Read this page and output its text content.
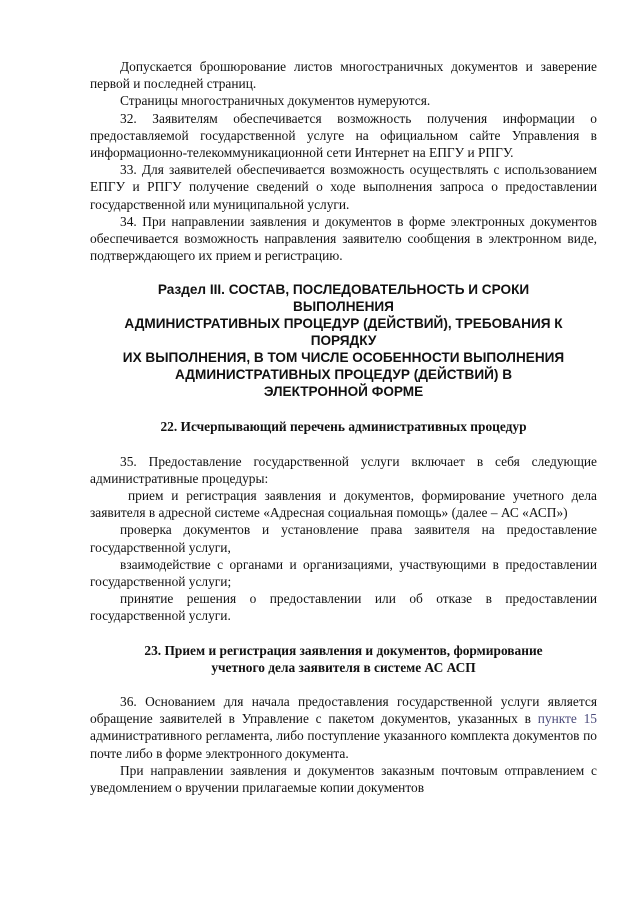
Допускается брошюрование листов многостраничных документов и заверение первой и последней страниц.

Страницы многостраничных документов нумеруются.

32. Заявителям обеспечивается возможность получения информации о предоставляемой государственной услуге на официальном сайте Управления в информационно-телекоммуникационной сети Интернет на ЕПГУ и РПГУ.

33. Для заявителей обеспечивается возможность осуществлять с использованием ЕПГУ и РПГУ получение сведений о ходе выполнения запроса о предоставлении государственной или муниципальной услуги.

34. При направлении заявления и документов в форме электронных документов обеспечивается возможность направления заявителю сообщения в электронном виде, подтверждающего их прием и регистрацию.

Раздел III. СОСТАВ, ПОСЛЕДОВАТЕЛЬНОСТЬ И СРОКИ

ВЫПОЛНЕНИЯ

АДМИНИСТРАТИВНЫХ ПРОЦЕДУР (ДЕЙСТВИЙ), ТРЕБОВАНИЯ К

ПОРЯДКУ

ИХ ВЫПОЛНЕНИЯ, В ТОМ ЧИСЛЕ ОСОБЕННОСТИ ВЫПОЛНЕНИЯ

АДМИНИСТРАТИВНЫХ ПРОЦЕДУР (ДЕЙСТВИЙ) В

ЭЛЕКТРОННОЙ ФОРМЕ

22. Исчерпывающий перечень административных процедур

35. Предоставление государственной услуги включает в себя следующие административные процедуры:

прием и регистрация заявления и документов, формирование учетного дела заявителя в адресной системе «Адресная социальная помощь» (далее – АС «АСП»)

проверка документов и установление права заявителя на предоставление государственной услуги,

взаимодействие с органами и организациями, участвующими в предоставлении государственной услуги;

принятие решения о предоставлении или об отказе в предоставлении государственной услуги.

23. Прием и регистрация заявления и документов, формирование

учетного дела заявителя в системе АС АСП

36. Основанием для начала предоставления государственной услуги является обращение заявителей в Управление с пакетом документов, указанных в пункте 15 административного регламента, либо поступление указанного комплекта документов по почте либо в форме электронного документа.

При направлении заявления и документов заказным почтовым отправлением с уведомлением о вручении прилагаемые копии документов
